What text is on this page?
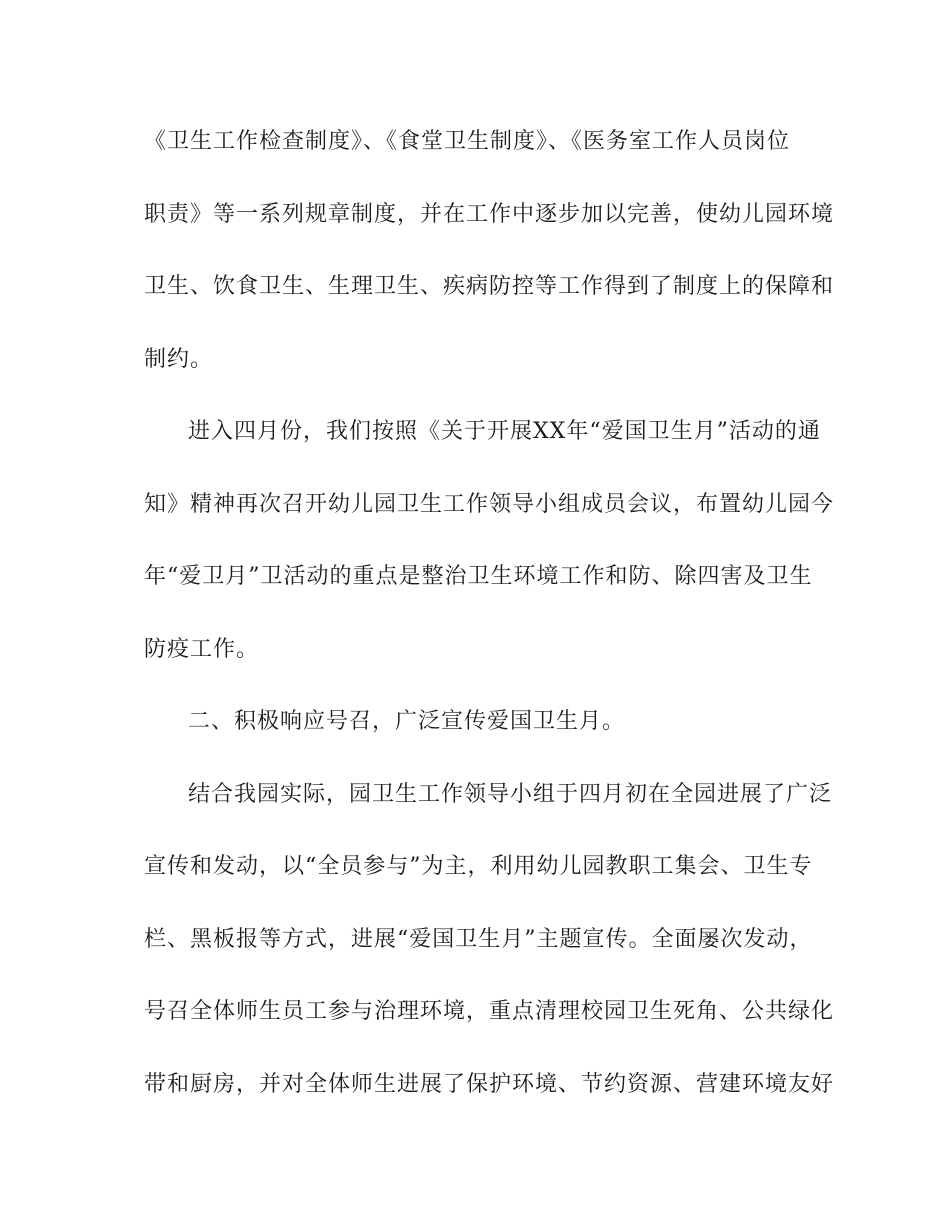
《卫生工作检查制度》、《食堂卫生制度》、《医务室工作人员岗位
职责》等一系列规章制度，并在工作中逐步加以完善，使幼儿园环境
卫生、饮食卫生、生理卫生、疾病防控等工作得到了制度上的保障和
制约。
进入四月份，我们按照《关于开展XX年“爱国卫生月”活动的通
知》精神再次召开幼儿园卫生工作领导小组成员会议，布置幼儿园今
年“爱卫月”卫活动的重点是整治卫生环境工作和防、除四害及卫生
防疫工作。
二、积极响应号召，广泛宣传爱国卫生月。
结合我园实际，园卫生工作领导小组于四月初在全园进展了广泛
宣传和发动，以“全员参与”为主，利用幼儿园教职工集会、卫生专
栏、黑板报等方式，进展“爱国卫生月”主题宣传。全面屡次发动，
号召全体师生员工参与治理环境，重点清理校园卫生死角、公共绿化
带和厨房，并对全体师生进展了保护环境、节约资源、营建环境友好
